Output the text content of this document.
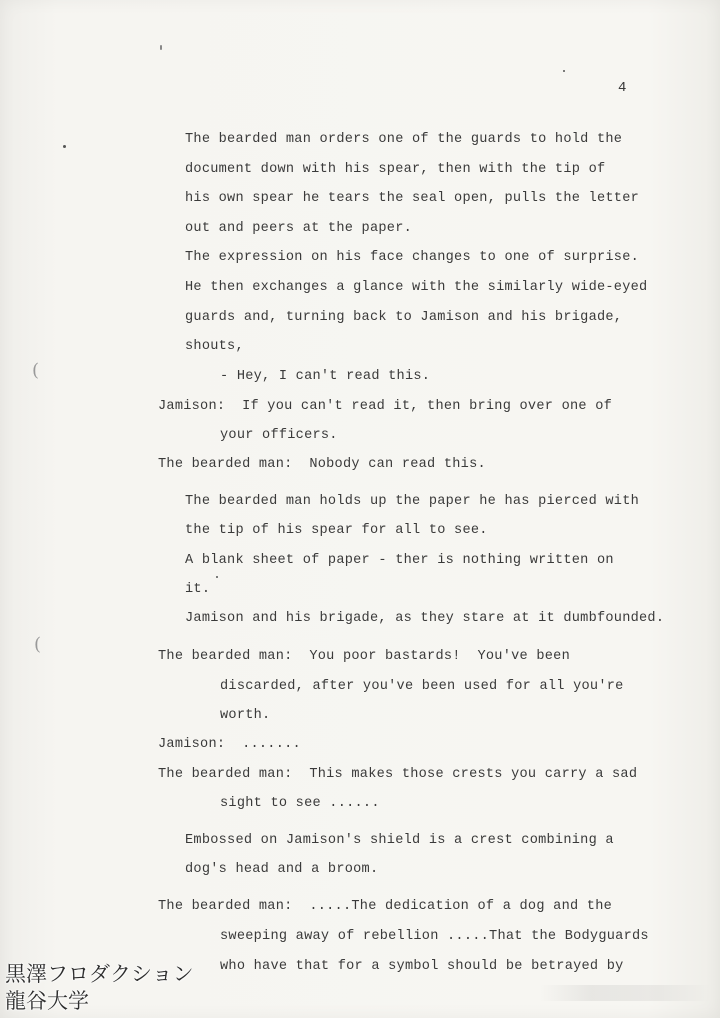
4
The bearded man orders one of the guards to hold the
document down with his spear, then with the tip of
his own spear he tears the seal open, pulls the letter
out and peers at the paper.
The expression on his face changes to one of surprise.
He then exchanges a glance with the similarly wide-eyed
guards and, turning back to Jamison and his brigade,
shouts,
- Hey, I can't read this.
Jamison:  If you can't read it, then bring over one of
your officers.
The bearded man:  Nobody can read this.
The bearded man holds up the paper he has pierced with
the tip of his spear for all to see.
A blank sheet of paper - ther is nothing written on
it.
Jamison and his brigade, as they stare at it dumbfounded.
The bearded man:  You poor bastards!  You've been
discarded, after you've been used for all you're
worth.
Jamison:  .......
The bearded man:  This makes those crests you carry a sad
sight to see ......
Embossed on Jamison's shield is a crest combining a
dog's head and a broom.
The bearded man:  .....The dedication of a dog and the
sweeping away of rebellion .....That the Bodyguards
who have that for a symbol should be betrayed by
(
(
黒澤フロダクション
龍谷大学
